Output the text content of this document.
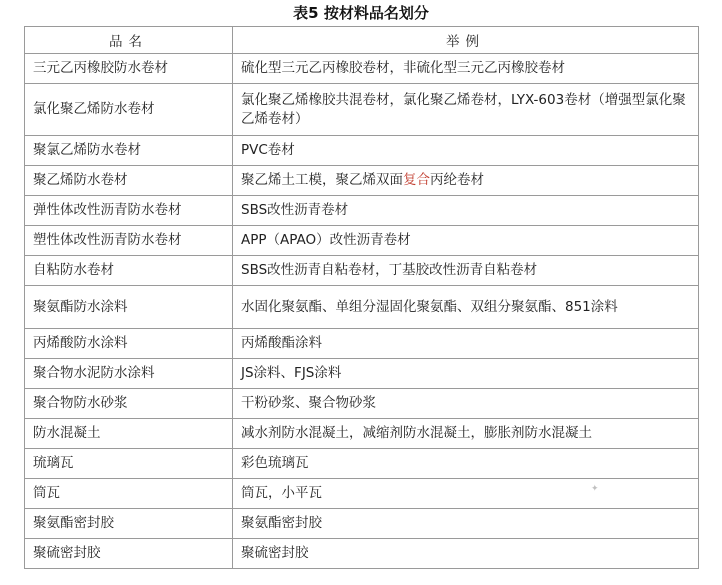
表5 按材料品名划分
品名	举例
三元乙丙橡胶防水卷材	硫化型三元乙丙橡胶卷材，非硫化型三元乙丙橡胶卷材
氯化聚乙烯防水卷材	氯化聚乙烯橡胶共混卷材，氯化聚乙烯卷材，LYX-603卷材（增强型氯化聚乙烯卷材）
聚氯乙烯防水卷材	PVC卷材
聚乙烯防水卷材	聚乙烯土工模，聚乙烯双面复合丙纶卷材
弹性体改性沥青防水卷材	SBS改性沥青卷材
塑性体改性沥青防水卷材	APP（APAO）改性沥青卷材
自粘防水卷材	SBS改性沥青自粘卷材，丁基胶改性沥青自粘卷材
聚氨酯防水涂料	水固化聚氨酯、单组分湿固化聚氨酯、双组分聚氨酯、851涂料
丙烯酸防水涂料	丙烯酸酯涂料
聚合物水泥防水涂料	JS涂料、FJS涂料
聚合物防水砂浆	干粉砂浆、聚合物砂浆
防水混凝土	减水剂防水混凝土，减缩剂防水混凝土，膨胀剂防水混凝土
琉璃瓦	彩色琉璃瓦
筒瓦	筒瓦，小平瓦
聚氨酯密封胶	聚氨酯密封胶
聚硫密封胶	聚硫密封胶
✦
